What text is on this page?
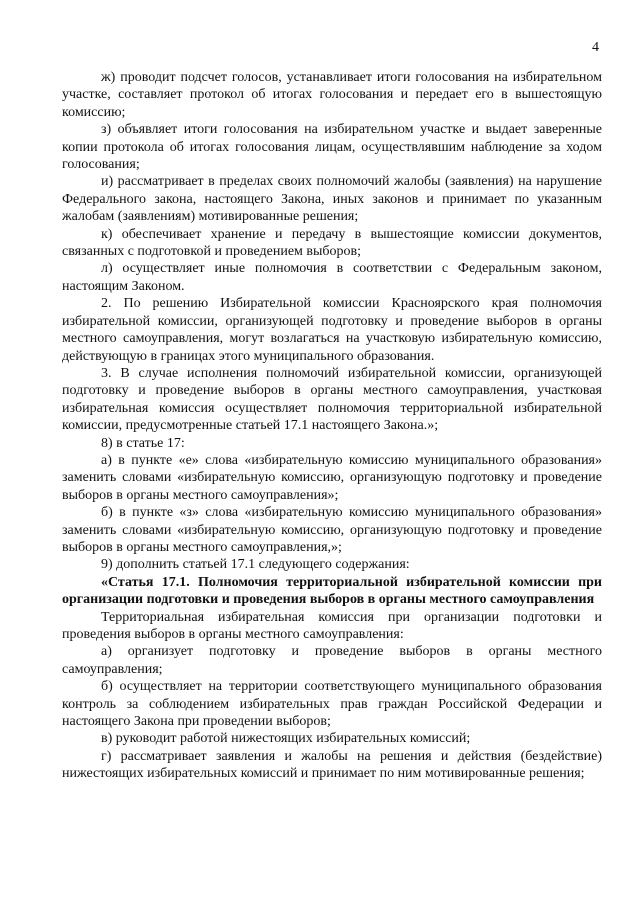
4

ж) проводит подсчет голосов, устанавливает итоги голосования на избирательном участке, составляет протокол об итогах голосования и передает его в вышестоящую комиссию;

з) объявляет итоги голосования на избирательном участке и выдает заверенные копии протокола об итогах голосования лицам, осуществлявшим наблюдение за ходом голосования;

и) рассматривает в пределах своих полномочий жалобы (заявления) на нарушение Федерального закона, настоящего Закона, иных законов и принимает по указанным жалобам (заявлениям) мотивированные решения;

к) обеспечивает хранение и передачу в вышестоящие комиссии документов, связанных с подготовкой и проведением выборов;

л) осуществляет иные полномочия в соответствии с Федеральным законом, настоящим Законом.

2. По решению Избирательной комиссии Красноярского края полномочия избирательной комиссии, организующей подготовку и проведение выборов в органы местного самоуправления, могут возлагаться на участковую избирательную комиссию, действующую в границах этого муниципального образования.

3. В случае исполнения полномочий избирательной комиссии, организующей подготовку и проведение выборов в органы местного самоуправления, участковая избирательная комиссия осуществляет полномочия территориальной избирательной комиссии, предусмотренные статьей 17.1 настоящего Закона.»;

8) в статье 17:

а) в пункте «е» слова «избирательную комиссию муниципального образования» заменить словами «избирательную комиссию, организующую подготовку и проведение выборов в органы местного самоуправления»;

б) в пункте «з» слова «избирательную комиссию муниципального образования» заменить словами «избирательную комиссию, организующую подготовку и проведение выборов в органы местного самоуправления,»;

9) дополнить статьей 17.1 следующего содержания:

«Статья 17.1. Полномочия территориальной избирательной комиссии при организации подготовки и проведения выборов в органы местного самоуправления

Территориальная избирательная комиссия при организации подготовки и проведения выборов в органы местного самоуправления:

а) организует подготовку и проведение выборов в органы местного самоуправления;

б) осуществляет на территории соответствующего муниципального образования контроль за соблюдением избирательных прав граждан Российской Федерации и настоящего Закона при проведении выборов;

в) руководит работой нижестоящих избирательных комиссий;

г) рассматривает заявления и жалобы на решения и действия (бездействие) нижестоящих избирательных комиссий и принимает по ним мотивированные решения;
